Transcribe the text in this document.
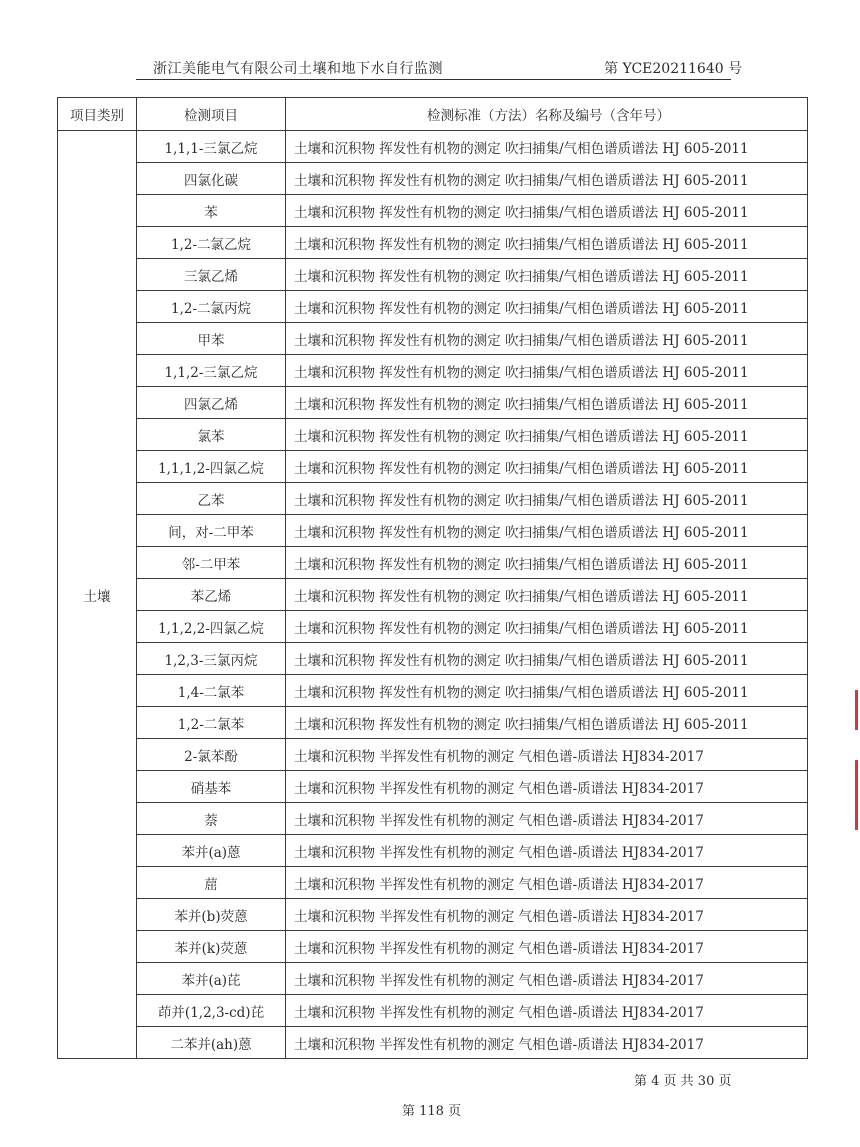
浙江美能电气有限公司土壤和地下水自行监测	第 YCE20211640 号
项目类别	检测项目	检测标准（方法）名称及编号（含年号）
土壤	1,1,1-三氯乙烷	土壤和沉积物 挥发性有机物的测定 吹扫捕集/气相色谱质谱法 HJ 605-2011
	四氯化碳	土壤和沉积物 挥发性有机物的测定 吹扫捕集/气相色谱质谱法 HJ 605-2011
	苯	土壤和沉积物 挥发性有机物的测定 吹扫捕集/气相色谱质谱法 HJ 605-2011
	1,2-二氯乙烷	土壤和沉积物 挥发性有机物的测定 吹扫捕集/气相色谱质谱法 HJ 605-2011
	三氯乙烯	土壤和沉积物 挥发性有机物的测定 吹扫捕集/气相色谱质谱法 HJ 605-2011
	1,2-二氯丙烷	土壤和沉积物 挥发性有机物的测定 吹扫捕集/气相色谱质谱法 HJ 605-2011
	甲苯	土壤和沉积物 挥发性有机物的测定 吹扫捕集/气相色谱质谱法 HJ 605-2011
	1,1,2-三氯乙烷	土壤和沉积物 挥发性有机物的测定 吹扫捕集/气相色谱质谱法 HJ 605-2011
	四氯乙烯	土壤和沉积物 挥发性有机物的测定 吹扫捕集/气相色谱质谱法 HJ 605-2011
	氯苯	土壤和沉积物 挥发性有机物的测定 吹扫捕集/气相色谱质谱法 HJ 605-2011
	1,1,1,2-四氯乙烷	土壤和沉积物 挥发性有机物的测定 吹扫捕集/气相色谱质谱法 HJ 605-2011
	乙苯	土壤和沉积物 挥发性有机物的测定 吹扫捕集/气相色谱质谱法 HJ 605-2011
	间，对-二甲苯	土壤和沉积物 挥发性有机物的测定 吹扫捕集/气相色谱质谱法 HJ 605-2011
	邻-二甲苯	土壤和沉积物 挥发性有机物的测定 吹扫捕集/气相色谱质谱法 HJ 605-2011
	苯乙烯	土壤和沉积物 挥发性有机物的测定 吹扫捕集/气相色谱质谱法 HJ 605-2011
	1,1,2,2-四氯乙烷	土壤和沉积物 挥发性有机物的测定 吹扫捕集/气相色谱质谱法 HJ 605-2011
	1,2,3-三氯丙烷	土壤和沉积物 挥发性有机物的测定 吹扫捕集/气相色谱质谱法 HJ 605-2011
	1,4-二氯苯	土壤和沉积物 挥发性有机物的测定 吹扫捕集/气相色谱质谱法 HJ 605-2011
	1,2-二氯苯	土壤和沉积物 挥发性有机物的测定 吹扫捕集/气相色谱质谱法 HJ 605-2011
	2-氯苯酚	土壤和沉积物 半挥发性有机物的测定 气相色谱-质谱法 HJ834-2017
	硝基苯	土壤和沉积物 半挥发性有机物的测定 气相色谱-质谱法 HJ834-2017
	萘	土壤和沉积物 半挥发性有机物的测定 气相色谱-质谱法 HJ834-2017
	苯并(a)蒽	土壤和沉积物 半挥发性有机物的测定 气相色谱-质谱法 HJ834-2017
	䓛	土壤和沉积物 半挥发性有机物的测定 气相色谱-质谱法 HJ834-2017
	苯并(b)荧蒽	土壤和沉积物 半挥发性有机物的测定 气相色谱-质谱法 HJ834-2017
	苯并(k)荧蒽	土壤和沉积物 半挥发性有机物的测定 气相色谱-质谱法 HJ834-2017
	苯并(a)芘	土壤和沉积物 半挥发性有机物的测定 气相色谱-质谱法 HJ834-2017
	茚并(1,2,3-cd)芘	土壤和沉积物 半挥发性有机物的测定 气相色谱-质谱法 HJ834-2017
	二苯并(ah)蒽	土壤和沉积物 半挥发性有机物的测定 气相色谱-质谱法 HJ834-2017
第 4 页 共 30 页
第 118 页
